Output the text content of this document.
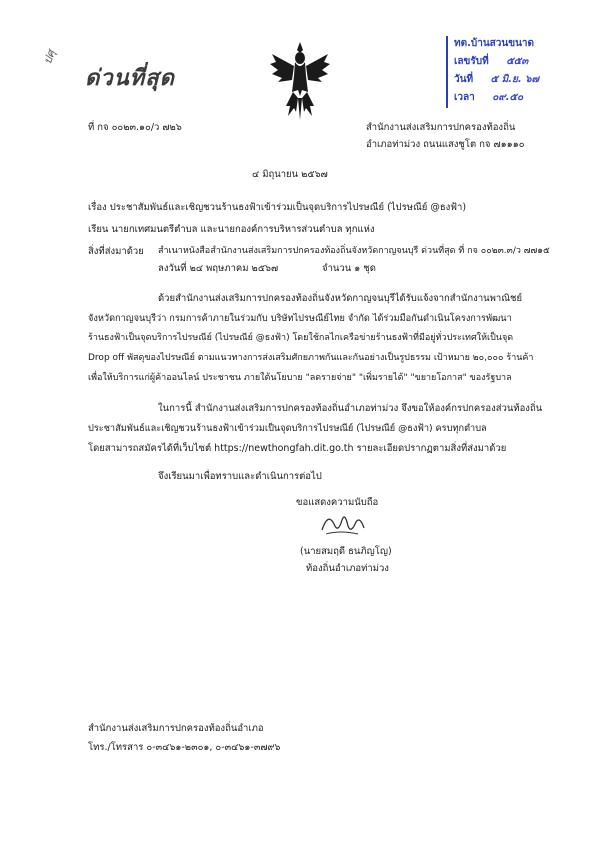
ปศุ
ด่วนที่สุด
ทต.บ้านสวนขนาด
เลขรับที่ ๕๕๓
วันที่ ๕ มิ.ย. ๖๗
เวลา ๐๙.๕๐
ที่ กจ ๐๐๒๓.๑๐/ว ๗๒๖	สำนักงานส่งเสริมการปกครองท้องถิ่น
อำเภอท่าม่วง ถนนแสงชูโต กจ ๗๑๑๑๐
๔ มิถุนายน ๒๕๖๗
เรื่อง ประชาสัมพันธ์และเชิญชวนร้านธงฟ้าเข้าร่วมเป็นจุดบริการไปรษณีย์ (ไปรษณีย์ @ธงฟ้า)
เรียน นายกเทศมนตรีตำบล และนายกองค์การบริหารส่วนตำบล ทุกแห่ง
สิ่งที่ส่งมาด้วย สำเนาหนังสือสำนักงานส่งเสริมการปกครองท้องถิ่นจังหวัดกาญจนบุรี ด่วนที่สุด ที่ กจ ๐๐๒๓.๓/ว ๗๗๑๕
ลงวันที่ ๒๔ พฤษภาคม ๒๕๖๗	จำนวน ๑ ชุด
ด้วยสำนักงานส่งเสริมการปกครองท้องถิ่นจังหวัดกาญจนบุรีได้รับแจ้งจากสำนักงานพาณิชย์
จังหวัดกาญจนบุรีว่า กรมการค้าภายในร่วมกับ บริษัทไปรษณีย์ไทย จำกัด ได้ร่วมมือกันดำเนินโครงการพัฒนา
ร้านธงฟ้าเป็นจุดบริการไปรษณีย์ (ไปรษณีย์ @ธงฟ้า) โดยใช้กลไกเครือข่ายร้านธงฟ้าที่มีอยู่ทั่วประเทศให้เป็นจุด
Drop off พัสดุของไปรษณีย์ ตามแนวทางการส่งเสริมศักยภาพกันและกันอย่างเป็นรูปธรรม เป้าหมาย ๒๐,๐๐๐ ร้านค้า
เพื่อให้บริการแก่ผู้ค้าออนไลน์ ประชาชน ภายใต้นโยบาย "ลดรายจ่าย" "เพิ่มรายได้" "ขยายโอกาส" ของรัฐบาล
ในการนี้ สำนักงานส่งเสริมการปกครองท้องถิ่นอำเภอท่าม่วง จึงขอให้องค์กรปกครองส่วนท้องถิ่น
ประชาสัมพันธ์และเชิญชวนร้านธงฟ้าเข้าร่วมเป็นจุดบริการไปรษณีย์ (ไปรษณีย์ @ธงฟ้า) ครบทุกตำบล
โดยสามารถสมัครได้ที่เว็บไซต์ https://newthongfah.dit.go.th รายละเอียดปรากฏตามสิ่งที่ส่งมาด้วย
จึงเรียนมาเพื่อทราบและดำเนินการต่อไป
ขอแสดงความนับถือ
(นายสมฤดี ธนภิญโญ)
ท้องถิ่นอำเภอท่าม่วง
สำนักงานส่งเสริมการปกครองท้องถิ่นอำเภอ
โทร./โทรสาร ๐-๓๔๖๑-๒๓๐๑, ๐-๓๔๖๑-๓๗๙๖
